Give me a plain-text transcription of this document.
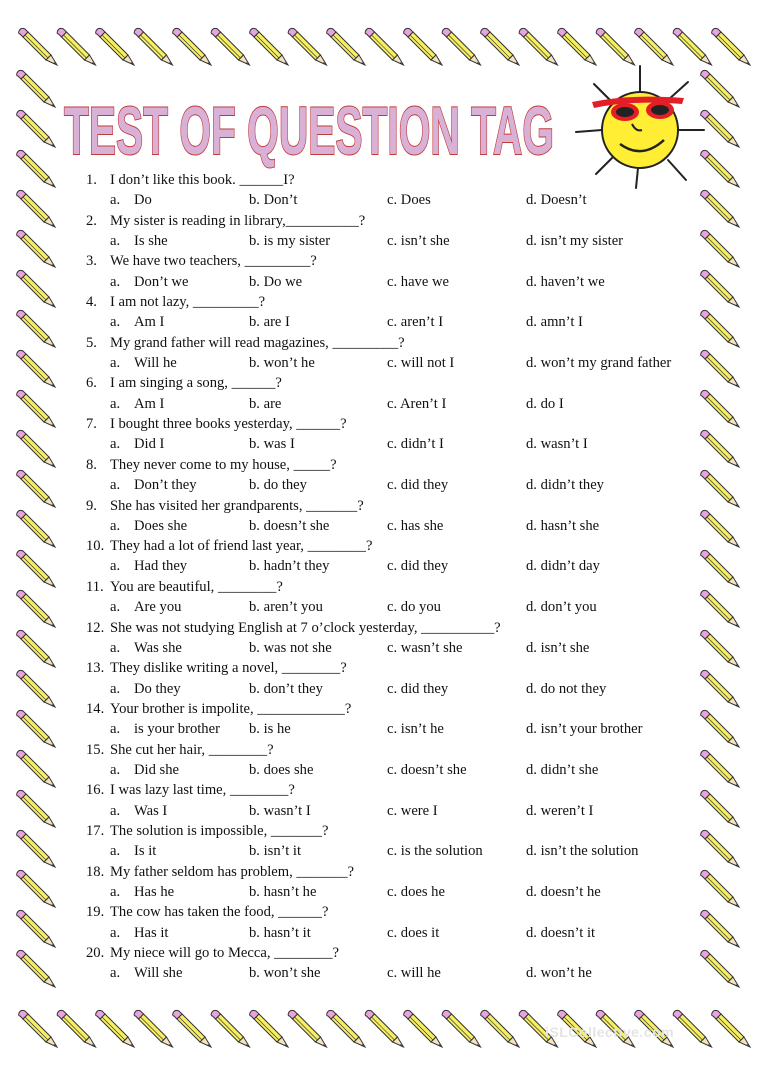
TEST OF QUESTION TAG
1. I don’t like this book. ______I?
a. Do	b. Don’t	c. Does	d. Doesn’t
2. My sister is reading in library,__________?
a. Is she	b. is my sister	c. isn’t she	d. isn’t my sister
3. We have two teachers, _________?
a. Don’t we	b. Do we	c. have we	d. haven’t we
4. I am not lazy, _________?
a. Am I	b. are I	c. aren’t I	d. amn’t I
5. My grand father will read magazines, _________?
a. Will he	b. won’t he	c. will not I	d. won’t my grand father
6. I am singing a song, ______?
a. Am I	b. are	c. Aren’t I	d. do I
7. I bought three books yesterday, ______?
a. Did I	b. was I	c. didn’t I	d. wasn’t I
8. They never come to my house, _____?
a. Don’t they	b. do they	c. did they	d. didn’t they
9. She has visited her grandparents, _______?
a. Does she	b. doesn’t she	c. has she	d. hasn’t she
10. They had a lot of friend last year, ________?
a. Had they	b. hadn’t they	c. did they	d. didn’t day
11. You are beautiful, ________?
a. Are you	b. aren’t you	c. do you	d. don’t you
12. She was not studying English at 7 o’clock yesterday, __________?
a. Was she	b. was not she	c. wasn’t she	d. isn’t she
13. They dislike writing a novel, ________?
a. Do they	b. don’t they	c. did they	d. do not they
14. Your brother is impolite, ____________?
a. is your brother b. is he	c. isn’t he	d. isn’t your brother
15. She cut her hair, ________?
a. Did she	b. does she	c. doesn’t she	d. didn’t she
16. I was lazy last time, ________?
a. Was I	b. wasn’t I	c. were I	d. weren’t I
17. The solution is impossible, _______?
a. Is it	b. isn’t it	c. is the solution	d. isn’t the solution
18. My father seldom has problem, _______?
a. Has he	b. hasn’t he	c. does he	d. doesn’t he
19. The cow has taken the food, ______?
a. Has it	b. hasn’t it	c. does it	d. doesn’t it
20. My niece will go to Mecca, ________?
a. Will she	b. won’t she	c. will he	d. won’t he
iSLCollective.com
